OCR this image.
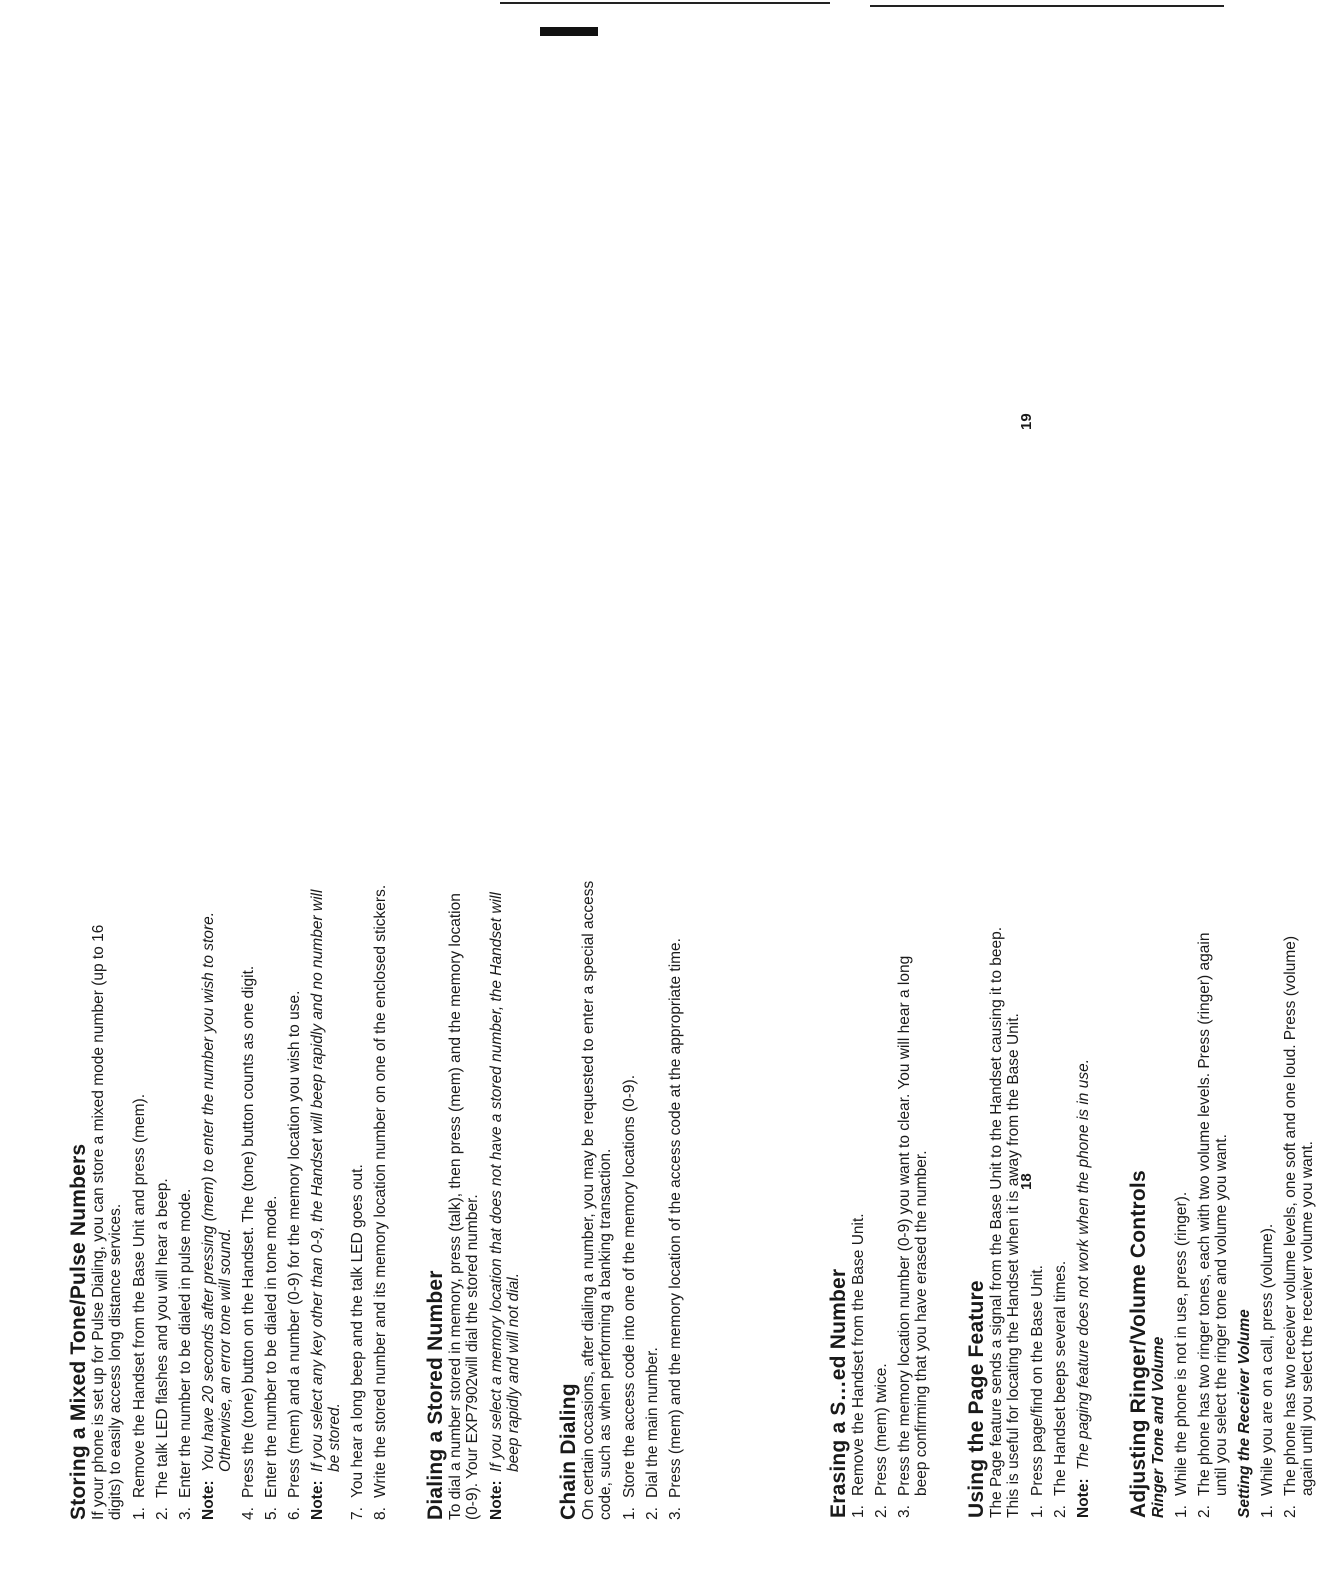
Storing a Mixed Tone/Pulse Numbers If your phone is set up for Pulse Dialing, you can store a mixed mode number (up to 16 digits) to easily access long distance services. 1.
Remove the Handset from the Base Unit and press (mem).
2.
The talk LED flashes and you will hear a beep.
3.
Enter the number to be dialed in pulse mode.
Note:
You have 20 seconds after pressing (mem) to enter the number you wish to store. Otherwise, an error tone will sound.
4.
Press the (tone) button on the Handset. The (tone) button counts as one digit.
5.
Enter the number to be dialed in tone mode.
6.
Press (mem) and a number (0-9) for the memory location you wish to use.
Note:
If you select any key other than 0-9, the Handset will beep rapidly and no number will be stored.
7.
You hear a long beep and the talk LED goes out.
8.
Write the stored number and its memory location number on one of the enclosed stickers. Dialing a Stored Number To dial a number stored in memory, press (talk), then press (mem) and the memory location (0-9). Your EXP7902will dial the stored number. Note:
If you select a memory location that does not have a stored number, the Handset will beep rapidly and will not dial. Chain Dialing On certain occasions, after dialing a number, you may be requested to enter a special access code, such as when performing a banking transaction. 1.
Store the access code into one of the memory locations (0-9).
2.
Dial the main number.
3.
Press (mem) and the memory location of the access code at the appropriate time.	Erasing a S…ed Number 1.
Remove the Handset from the Base Unit.
2.
Press (mem) twice.
3.
Press the memory location number (0-9) you want to clear. You will hear a long beep confirming that you have erased the number. Using the Page Feature The Page feature sends a signal from the Base Unit to the Handset causing it to beep. This is useful for locating the Handset when it is away from the Base Unit. 1.
Press page/find on the Base Unit.
2.
The Handset beeps several times.
Note:
The paging feature does not work when the phone is in use. Adjusting Ringer/Volume Controls Ringer Tone and Volume 1.
While the phone is not in use, press (ringer).
2.
The phone has two ringer tones, each with two volume levels. Press (ringer) again until you select the ringer tone and volume you want. Setting the Receiver Volume 1.
While you are on a call, press (volume).
2.
The phone has two receiver volume levels, one soft and one loud. Press (volume) again until you select the receiver volume you want.
18
19
